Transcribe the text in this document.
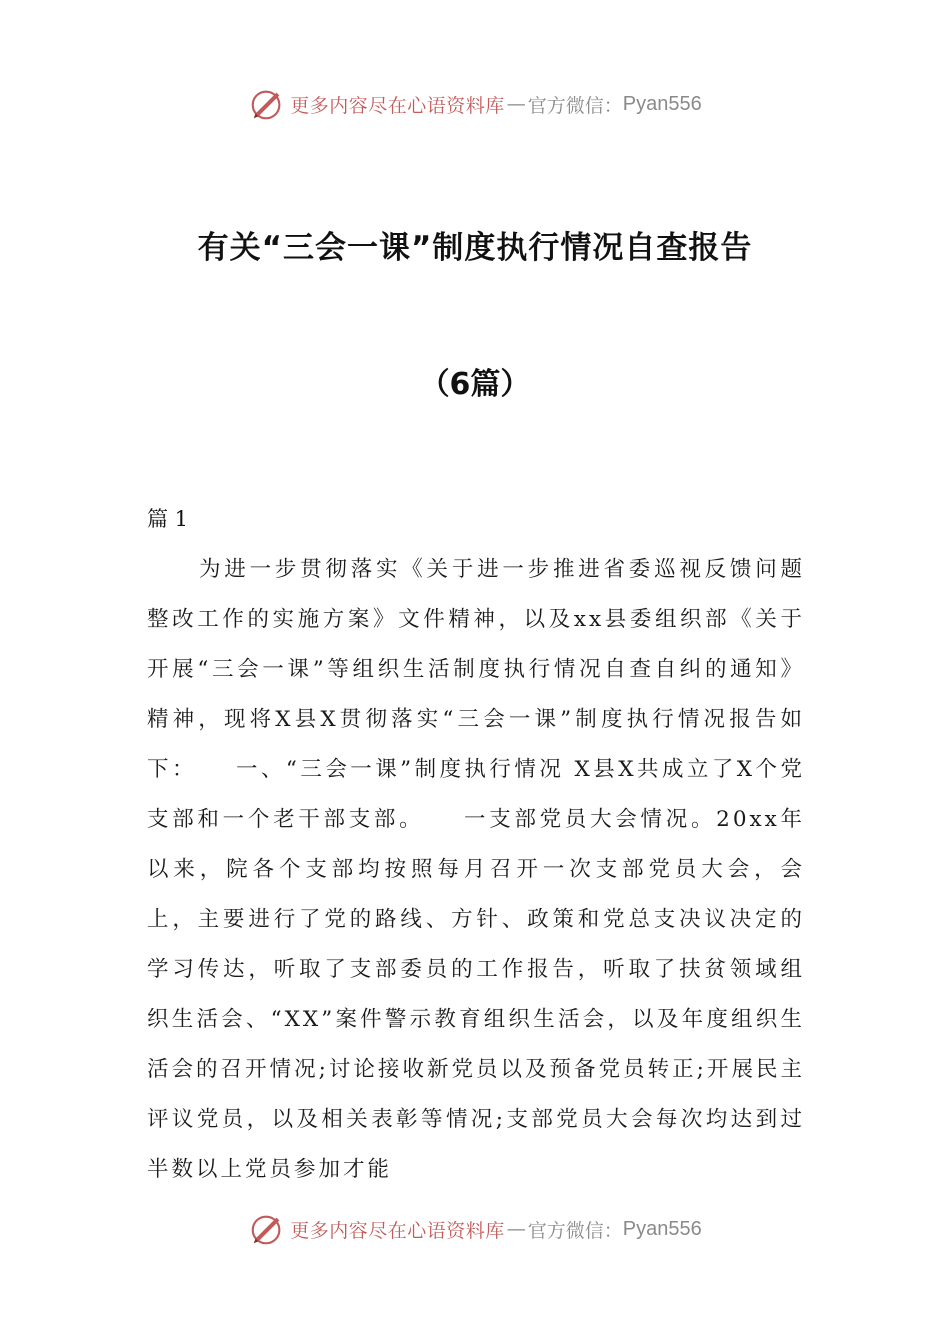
更多内容尽在心语资料库 — 官方微信： Pyan556
有关“三会一课”制度执行情况自查报告
（6篇）
篇 1

为进一步贯彻落实《关于进一步推进省委巡视反馈问题整改工作的实施方案》文件精神，以及xx县委组织部《关于开展“三会一课”等组织生活制度执行情况自查自纠的通知》精神，现将X县X贯彻落实“三会一课”制度执行情况报告如下：　　一、“三会一课”制度执行情况 X县X共成立了X个党支部和一个老干部支部。　　一支部党员大会情况。20xx年以来，院各个支部均按照每月召开一次支部党员大会，会上，主要进行了党的路线、方针、政策和党总支决议决定的学习传达，听取了支部委员的工作报告，听取了扶贫领域组织生活会、“XX”案件警示教育组织生活会，以及年度组织生活会的召开情况;讨论接收新党员以及预备党员转正;开展民主评议党员，以及相关表彰等情况;支部党员大会每次均达到过半数以上党员参加才能

更多内容尽在心语资料库 — 官方微信： Pyan556
